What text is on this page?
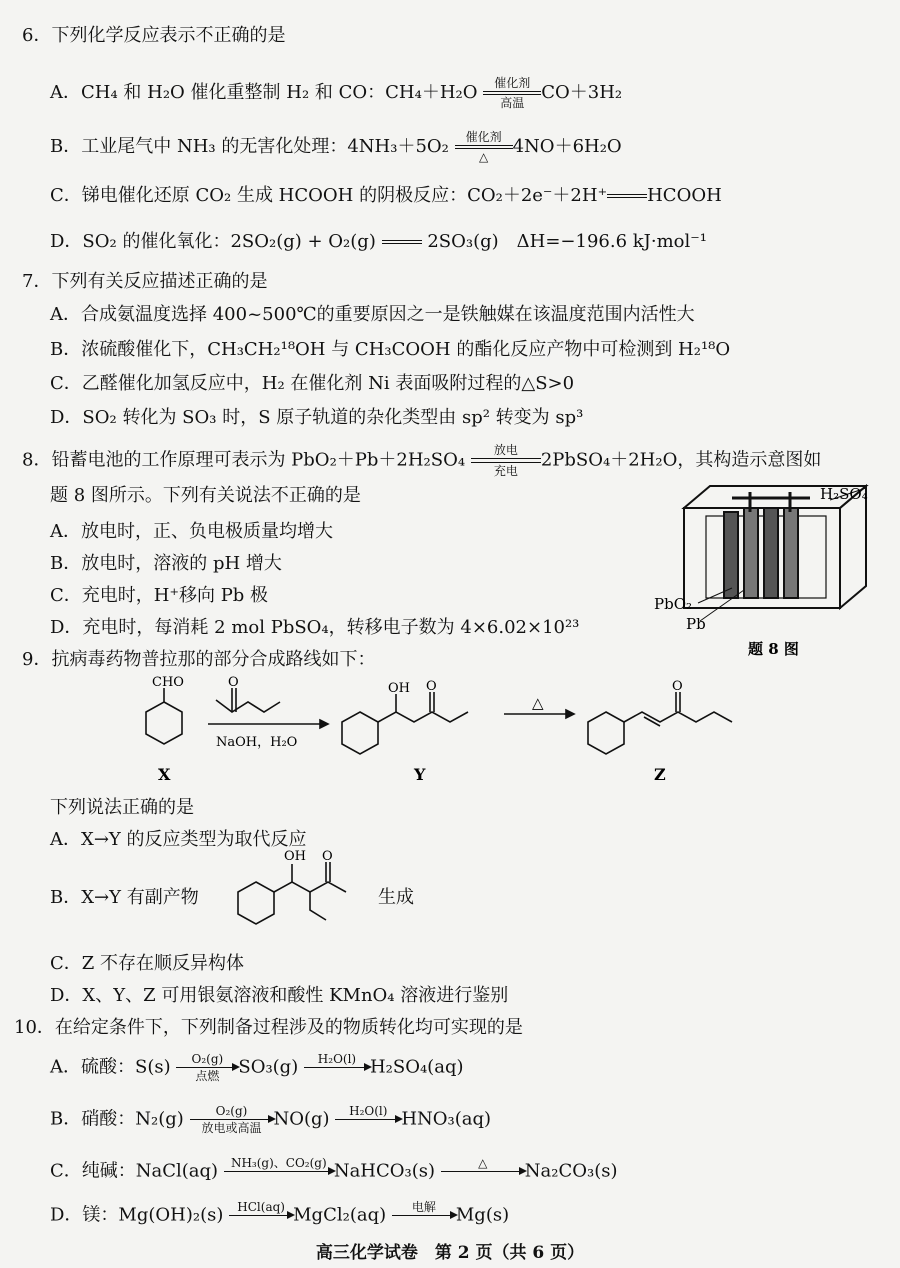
6．下列化学反应表示不正确的是
A．CH₄ 和 H₂O 催化重整制 H₂ 和 CO：CH₄＋H₂O	催化剂
高温 CO＋3H₂
B．工业尾气中 NH₃ 的无害化处理：4NH₃＋5O₂	催化剂
△	4NO＋6H₂O
C．锑电催化还原 CO₂ 生成 HCOOH 的阴极反应：CO₂＋2e⁻＋2H⁺ HCOOH
D．SO₂ 的催化氧化：2SO₂(g) + O₂(g)	2SO₃(g)　ΔH=−196.6 kJ·mol⁻¹
7．下列有关反应描述正确的是
A．合成氨温度选择 400~500℃的重要原因之一是铁触媒在该温度范围内活性大
B．浓硫酸催化下，CH₃CH₂¹⁸OH 与 CH₃COOH 的酯化反应产物中可检测到 H₂¹⁸O
C．乙醛催化加氢反应中，H₂ 在催化剂 Ni 表面吸附过程的△S>0
D．SO₂ 转化为 SO₃ 时，S 原子轨道的杂化类型由 sp² 转变为 sp³
8．铅蓄电池的工作原理可表示为 PbO₂＋Pb＋2H₂SO₄	放电
充电
2PbSO₄＋2H₂O，其构造示意图如
题 8 图所示。下列有关说法不正确的是
A．放电时，正、负电极质量均增大
B．放电时，溶液的 pH 增大
C．充电时，H⁺移向 Pb 极
D．充电时，每消耗 2 mol PbSO₄，转移电子数为 4×6.02×10²³
H₂SO₄
PbO₂
Pb
题 8 图
9．抗病毒药物普拉那的部分合成路线如下：
CHO	O
NaOH，H₂O
OH O
△
O
X	Y	Z
下列说法正确的是
A．X→Y 的反应类型为取代反应
B．X→Y 有副产物
OH O
生成
C．Z 不存在顺反异构体
D．X、Y、Z 可用银氨溶液和酸性 KMnO₄ 溶液进行鉴别
10．在给定条件下，下列制备过程涉及的物质转化均可实现的是
A．硫酸：S(s)	O₂(g)
点燃	SO₃(g)	H₂O(l)
H₂SO₄(aq)
B．硝酸：N₂(g)	O₂(g)
放电或高温 NO(g)	H₂O(l)
HNO₃(aq)
C．纯碱：NaCl(aq)	NH₃(g)、CO₂(g)
NaHCO₃(s)	△
	Na₂CO₃(s)
D．镁：Mg(OH)₂(s)	HCl(aq)
MgCl₂(aq)	电解
	Mg(s)
高三化学试卷　第 2 页（共 6 页）
